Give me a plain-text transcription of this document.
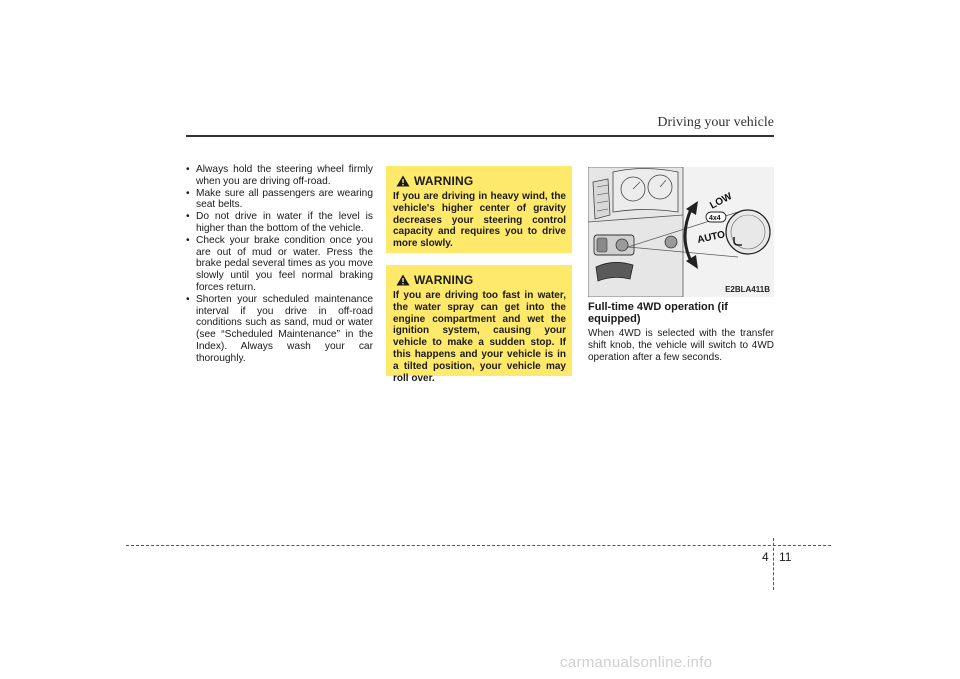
Driving your vehicle
• Always hold the steering wheel firmly when you are driving off-road.
• Make sure all passengers are wearing seat belts.
• Do not drive in water if the level is higher than the bottom of the vehicle.
• Check your brake condition once you are out of mud or water. Press the brake pedal several times as you move slowly until you feel normal braking forces return.
• Shorten your scheduled maintenance interval if you drive in off-road conditions such as sand, mud or water (see “Scheduled Maintenance” in the Index). Always wash your car thoroughly.
WARNING
If you are driving in heavy wind, the vehicle's higher center of gravity decreases your steering control capacity and requires you to drive more slowly.
WARNING
If you are driving too fast in water, the water spray can get into the engine compartment and wet the ignition system, causing your vehicle to make a sudden stop. If this happens and your vehicle is in a tilted position, your vehicle may roll over.
LOW
4x4
AUTO
E2BLA411B
Full-time 4WD operation (if equipped)

When 4WD is selected with the transfer shift knob, the vehicle will switch to 4WD operation after a few seconds.

4 11
carmanualsonline.info
